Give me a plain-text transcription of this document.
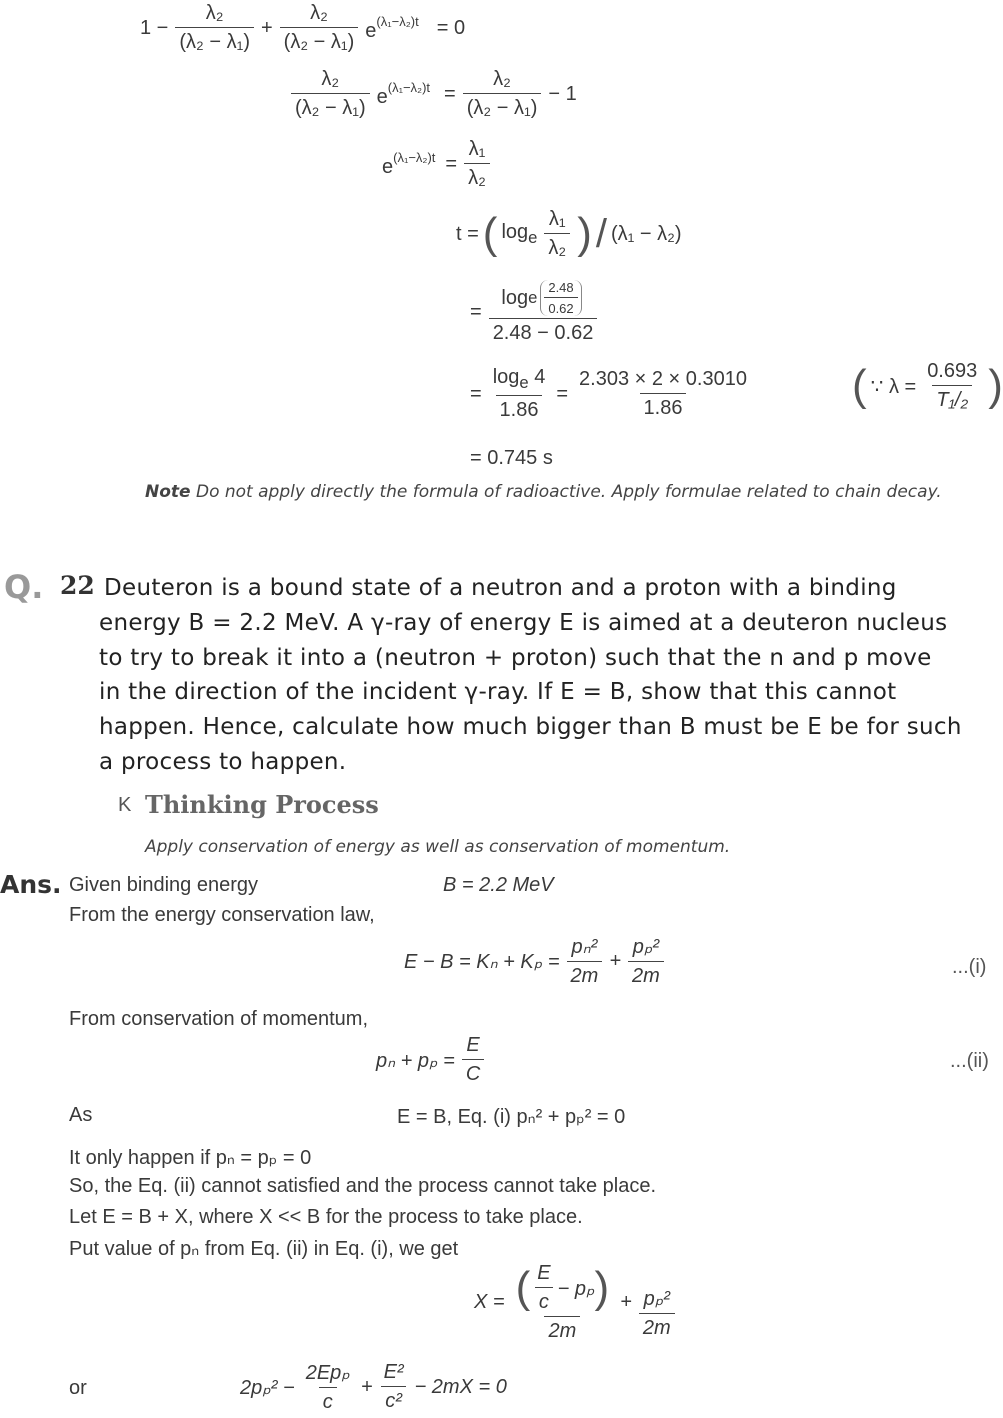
$1 - \frac{\text{λ₂}}{\text{(λ₂ − λ₁)}} + \frac{\text{λ₂}}{\text{(λ₂ − λ₁)}} e^{(\lambda_1-\lambda_2)t} = 0$
$\frac{\text{λ₂}}{\text{(λ₂ − λ₁)}} e^{(\lambda_1-\lambda_2)t} = \frac{\text{λ₂}}{\text{(λ₂ − λ₁)}} - 1$
$e^{(\lambda_1-\lambda_2)t} = \frac{\text{λ₁}}{\text{λ₂}}$
t = ( $\log_e \frac{\text{λ₁}}{\text{λ₂}}$ ) / (λ₁ − λ₂)
= $\frac{\log e \frac{2.48}{0.62}}{2.48 - 0.62}$
= $\frac{\log_e 4}{1.86} = \frac{2.303 \times 2 \times 0.3010}{1.86}$ ( ∵ $\lambda = \frac{0.693}{\text{T₁/₂}}$ )
= 0.745 s
Note Do not apply directly the formula of radioactive. Apply formulae related to chain decay.
Q. 22 Deuteron is a bound state of a neutron and a proton with a binding
energy B = 2.2 MeV. A γ-ray of energy E is aimed at a deuteron nucleus
to try to break it into a (neutron + proton) such that the n and p move
in the direction of the incident γ-ray. If E = B, show that this cannot
happen. Hence, calculate how much bigger than B must be E be for such
a process to happen.
K Thinking Process
Apply conservation of energy as well as conservation of momentum.
Ans. Given binding energy	B = 2.2 MeV
From the energy conservation law,
$E - B = K_n + K_p = \frac{\text{pₙ²}}{2m} + \frac{\text{pₚ²}}{2m}$	...(i)
From conservation of momentum,
$p_n + p_p = \frac{E}{C}$	...(ii)
As	E = B, Eq. (i) pₙ² + pₚ² = 0
It only happen if pₙ = pₚ = 0
So, the Eq. (ii) cannot satisfied and the process cannot take place.
Let E = B + X, where X << B for the process to take place.
Put value of pₙ from Eq. (ii) in Eq. (i), we get
$X = \frac{( \frac{E}{c} - p_p )}{2m} + \frac{\text{pₚ²}}{2m}$
or	$2p_p^2 - \frac{\text{2Epₚ}}{c} + \frac{\text{E²}}{\text{c²}} - 2mX = 0$
